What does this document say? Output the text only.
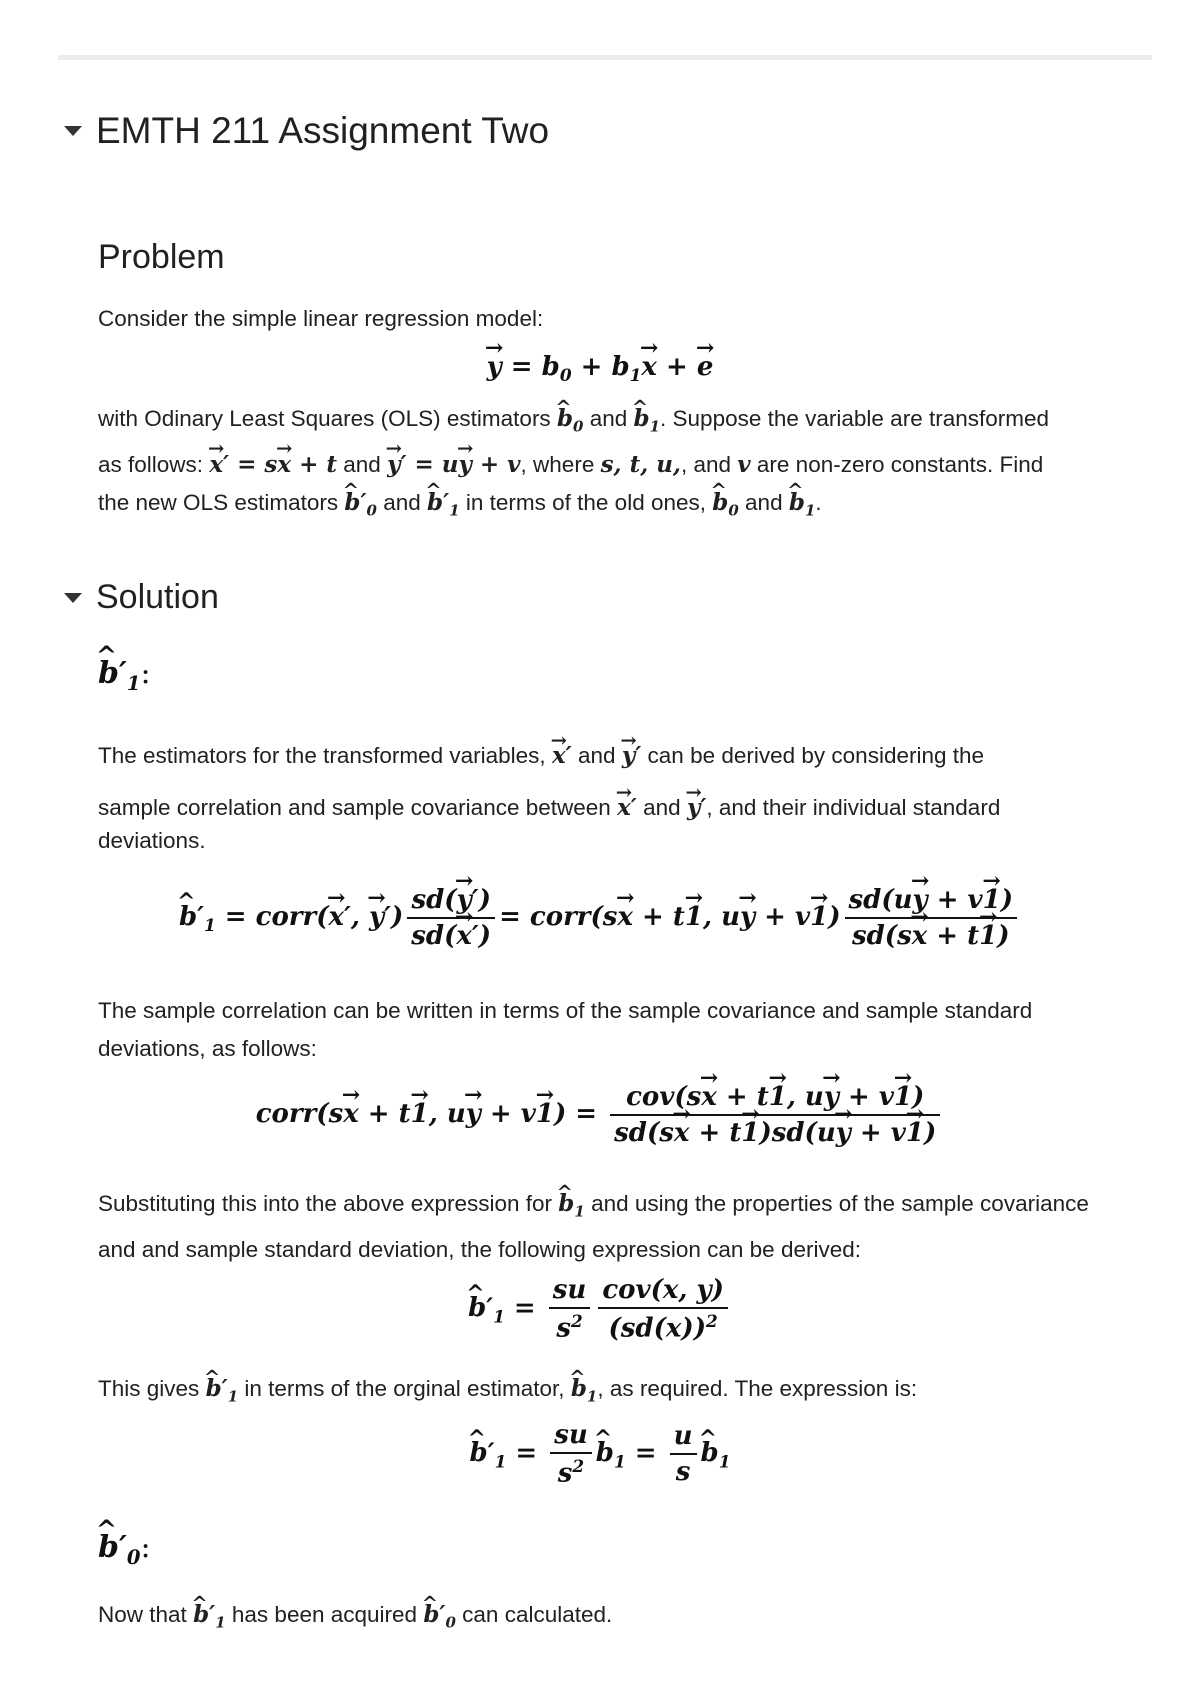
EMTH 211 Assignment Two
Problem
Consider the simple linear regression model:
→ $y = b_0 + b_1\to x$ + → e
with Odinary Least Squares (OLS) estimators ^ $b_0$ and ^ $b_1$. Suppose the variable are transformed
as follows: → x′ = s→ x + t and → y′ = u→ y + v, where s, t, u,, and v are non-zero constants. Find
the new OLS estimators ^ $b'_0$ and ^ $b'_1$ in terms of the old ones, ^ $b_0$ and ^ $b_1$.
Solution
^ $b'_1$:
The estimators for the transformed variables, → x′ and → y′ can be derived by considering the
sample correlation and sample covariance between → x′ and → y′, and their individual standard
deviations.
^ $b'_1$ = corr(→ x′, → $y') \frac{sd(\to y')}{sd(\to x')}$ = corr(s→ x + t→ 1, $u\to y + v\to 1) \frac{sd(u\to y + v\to 1)}{sd(s\to x + t\to 1)}$
The sample correlation can be written in terms of the sample covariance and sample standard deviations, as follows:
corr(s→ x + t→ 1, $u\to y + v\to 1) = \frac{\text{cov(s→ x + t→ 1, u→ y + v→ 1)}}{sd(s\to x + t\to 1)sd(u\to y + v\to 1)}$
Substituting this into the above expression for ^ $b_1$ and using the properties of the sample covariance and and sample standard deviation, the following expression can be derived:
^ $b'_1 = \frac{su}{s^2} \frac{\text{cov(x, y)}}{(sd(x))^2}$
This gives ^ $b'_1$ in terms of the orginal estimator, ^ $b_1$, as required. The expression is:
^ $b'_1 = \frac{su}{s^2}$ ^ $b_1 = \frac{u}{s}$ ^ $b_1$
^ $b'_0$:
Now that ^ $b'_1$ has been acquired ^ $b'_0$ can calculated.
